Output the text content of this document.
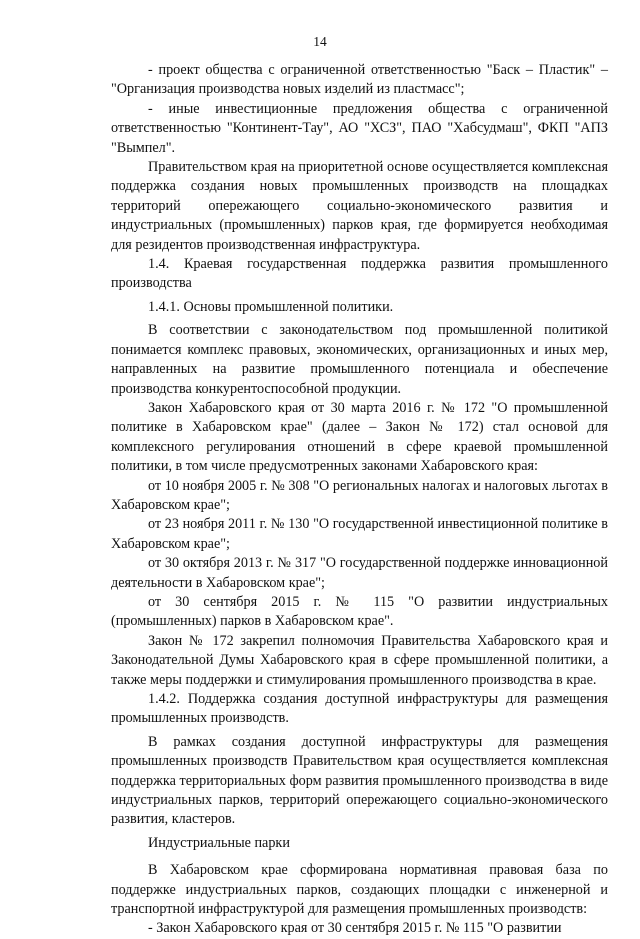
14

- проект общества с ограниченной ответственностью "Баск – Пластик" – "Организация производства новых изделий из пластмасс";

- иные инвестиционные предложения общества с ограниченной ответственностью "Континент-Тау", АО "ХСЗ", ПАО "Хабсудмаш", ФКП "АПЗ "Вымпел".

Правительством края на приоритетной основе осуществляется комплексная поддержка создания новых промышленных производств на площадках территорий опережающего социально-экономического развития и индустриальных (промышленных) парков края, где формируется необходимая для резидентов производственная инфраструктура.

1.4. Краевая государственная поддержка развития промышленного производства

1.4.1. Основы промышленной политики.

В соответствии с законодательством под промышленной политикой понимается комплекс правовых, экономических, организационных и иных мер, направленных на развитие промышленного потенциала и обеспечение производства конкурентоспособной продукции.

Закон Хабаровского края от 30 марта 2016 г. № 172 "О промышленной политике в Хабаровском крае" (далее – Закон № 172) стал основой для комплексного регулирования отношений в сфере краевой промышленной политики, в том числе предусмотренных законами Хабаровского края:

от 10 ноября 2005 г. № 308 "О региональных налогах и налоговых льготах в Хабаровском крае";

от 23 ноября 2011 г. № 130 "О государственной инвестиционной политике в Хабаровском крае";

от 30 октября 2013 г. № 317 "О государственной поддержке инновационной деятельности в Хабаровском крае";

от 30 сентября 2015 г. № 115 "О развитии индустриальных (промышленных) парков в Хабаровском крае".

Закон № 172 закрепил полномочия Правительства Хабаровского края и Законодательной Думы Хабаровского края в сфере промышленной политики, а также меры поддержки и стимулирования промышленного производства в крае.

1.4.2. Поддержка создания доступной инфраструктуры для размещения промышленных производств.

В рамках создания доступной инфраструктуры для размещения промышленных производств Правительством края осуществляется комплексная поддержка территориальных форм развития промышленного производства в виде индустриальных парков, территорий опережающего социально-экономического развития, кластеров.

Индустриальные парки

В Хабаровском крае сформирована нормативная правовая база по поддержке индустриальных парков, создающих площадки с инженерной и транспортной инфраструктурой для размещения промышленных производств:

- Закон Хабаровского края от 30 сентября 2015 г. № 115 "О развитии
